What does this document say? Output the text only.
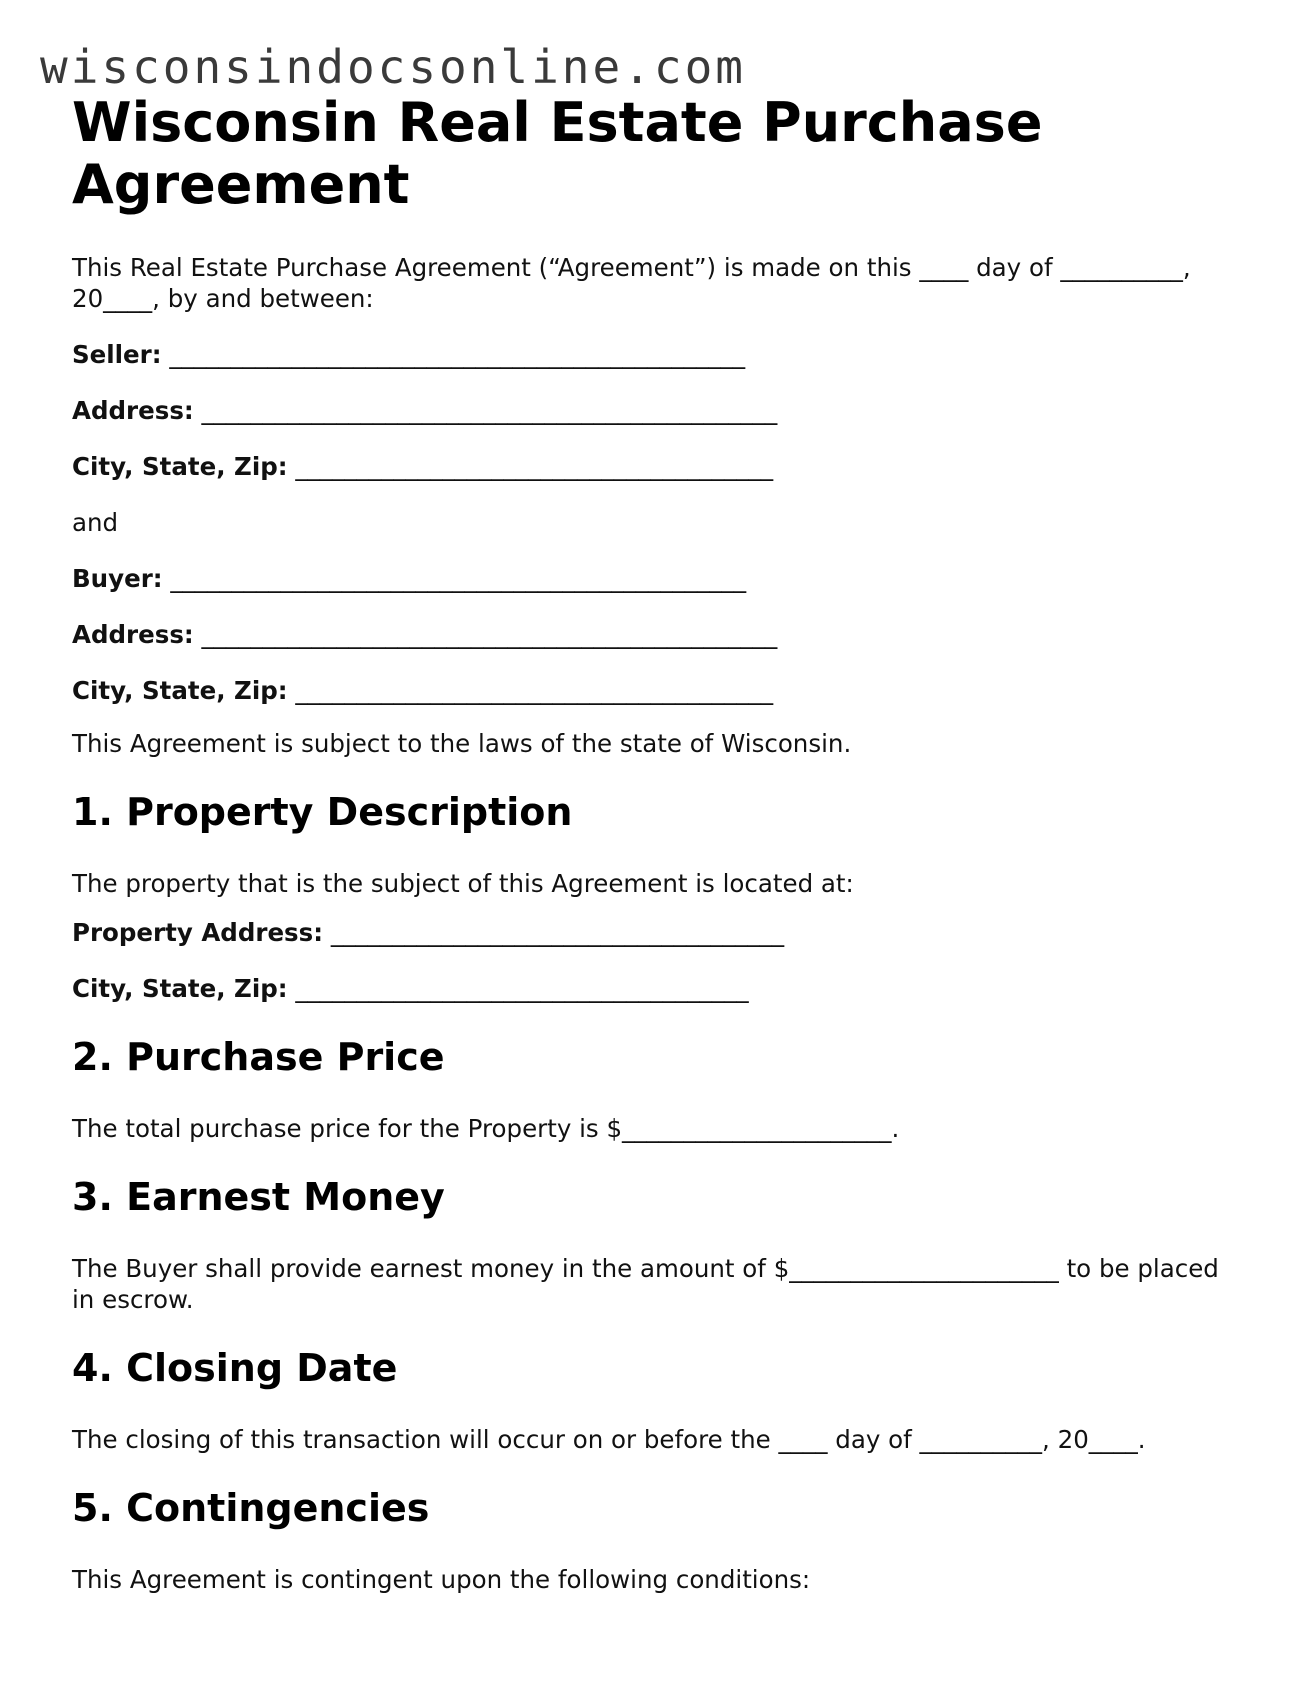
wisconsindocsonline.com
Wisconsin Real Estate Purchase Agreement

This Real Estate Purchase Agreement (“Agreement”) is made on this ____ day of __________, 20____, by and between:

Seller: _______________________________________________

Address: _______________________________________________

City, State, Zip: _______________________________________

and

Buyer: _______________________________________________

Address: _______________________________________________

City, State, Zip: _______________________________________

This Agreement is subject to the laws of the state of Wisconsin.

1. Property Description

The property that is the subject of this Agreement is located at:

Property Address: _____________________________________

City, State, Zip: _____________________________________

2. Purchase Price

The total purchase price for the Property is $______________________.

3. Earnest Money

The Buyer shall provide earnest money in the amount of $______________________ to be placed in escrow.

4. Closing Date

The closing of this transaction will occur on or before the ____ day of __________, 20____.

5. Contingencies

This Agreement is contingent upon the following conditions:
